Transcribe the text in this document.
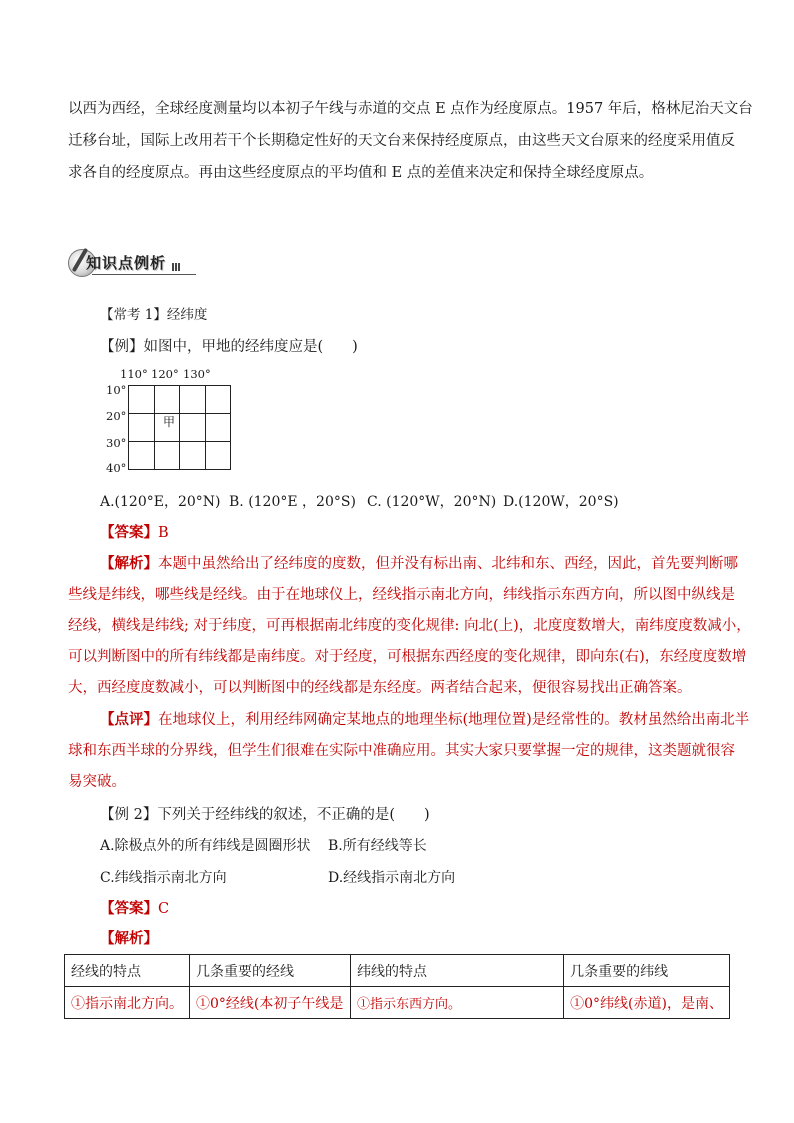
以西为西经，全球经度测量均以本初子午线与赤道的交点 E 点作为经度原点。1957 年后，格林尼治天文台
迁移台址，国际上改用若干个长期稳定性好的天文台来保持经度原点，由这些天文台原来的经度采用值反
求各自的经度原点。再由这些经度原点的平均值和 E 点的差值来决定和保持全球经度原点。
知识点例析
【常考 1】经纬度
【例】如图中，甲地的经纬度应是(　　)
110° 120° 130°
10°
20°
30°
40°
甲
A.(120°E，20°N) B. (120°E ，20°S) C. (120°W，20°N) D.(120W，20°S)
【答案】B
【解析】本题中虽然给出了经纬度的度数，但并没有标出南、北纬和东、西经，因此，首先要判断哪
些线是纬线，哪些线是经线。由于在地球仪上，经线指示南北方向，纬线指示东西方向，所以图中纵线是
经线，横线是纬线; 对于纬度，可再根据南北纬度的变化规律: 向北(上)，北度度数增大，南纬度度数减小，
可以判断图中的所有纬线都是南纬度。对于经度，可根据东西经度的变化规律，即向东(右)，东经度度数增
大，西经度度数减小，可以判断图中的经线都是东经度。两者结合起来，便很容易找出正确答案。
【点评】在地球仪上，利用经纬网确定某地点的地理坐标(地理位置)是经常性的。教材虽然给出南北半
球和东西半球的分界线，但学生们很难在实际中准确应用。其实大家只要掌握一定的规律，这类题就很容
易突破。
【例 2】下列关于经纬线的叙述，不正确的是(　　)
A.除极点外的所有纬线是圆圈形状 B.所有经线等长
C.纬线指示南北方向	D.经线指示南北方向
【答案】C
【解析】
经线的特点	几条重要的经线	纬线的特点	几条重要的纬线
①指示南北方向。	①0°经线(本初子午线是	①指示东西方向。	①0°纬线(赤道)，是南、
